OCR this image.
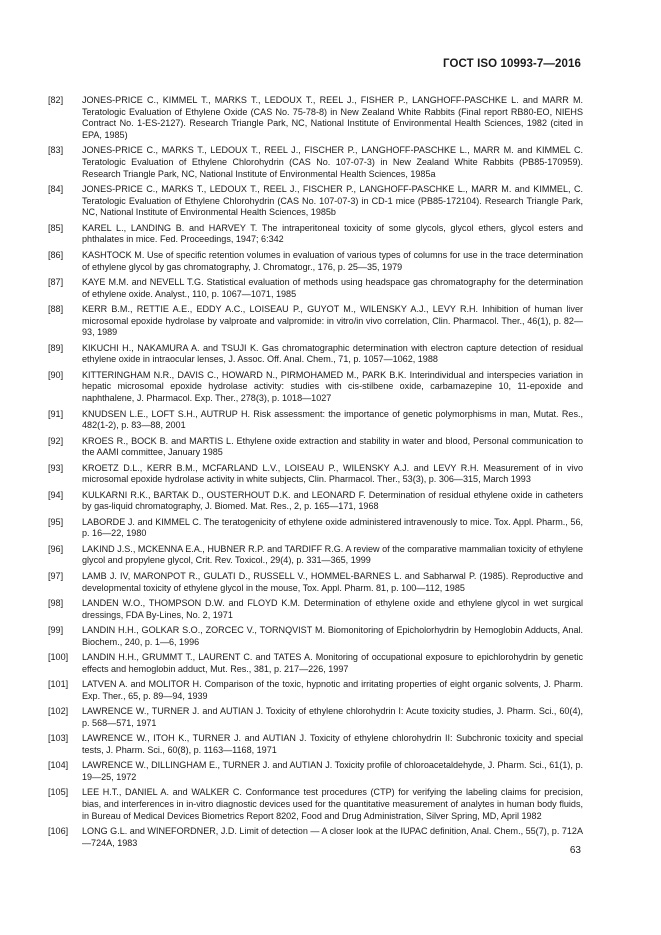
ГОСТ ISO 10993-7—2016
[82]	JONES-PRICE C., KIMMEL T., MARKS T., LEDOUX T., REEL J., FISHER P., LANGHOFF-PASCHKE L. and MARR M. Teratologic Evaluation of Ethylene Oxide (CAS No. 75-78-8) in New Zealand White Rabbits (Final report RB80-EO, NIEHS Contract No. 1-ES-2127). Research Triangle Park, NC, National Institute of Environmental Health Sciences, 1982 (cited in EPA, 1985)
[83]	JONES-PRICE C., MARKS T., LEDOUX T., REEL J., FISCHER P., LANGHOFF-PASCHKE L., MARR M. and KIMMEL C. Teratologic Evaluation of Ethylene Chlorohydrin (CAS No. 107-07-3) in New Zealand White Rabbits (PB85-170959). Research Triangle Park, NC, National Institute of Environmental Health Sciences, 1985a
[84]	JONES-PRICE C., MARKS T., LEDOUX T., REEL J., FISCHER P., LANGHOFF-PASCHKE L., MARR M. and KIMMEL, C. Teratologic Evaluation of Ethylene Chlorohydrin (CAS No. 107-07-3) in CD-1 mice (PB85-172104). Research Triangle Park, NC, National Institute of Environmental Health Sciences, 1985b
[85]	KAREL L., LANDING B. and HARVEY T. The intraperitoneal toxicity of some glycols, glycol ethers, glycol esters and phthalates in mice. Fed. Proceedings, 1947; 6:342
[86]	KASHTOCK M. Use of specific retention volumes in evaluation of various types of columns for use in the trace determination of ethylene glycol by gas chromatography, J. Chromatogr., 176, p. 25—35, 1979
[87]	KAYE M.M. and NEVELL T.G. Statistical evaluation of methods using headspace gas chromatography for the determination of ethylene oxide. Analyst., 110, p. 1067—1071, 1985
[88]	KERR B.M., RETTIE A.E., EDDY A.C., LOISEAU P., GUYOT M., WILENSKY A.J., LEVY R.H. Inhibition of human liver microsomal epoxide hydrolase by valproate and valpromide: in vitro/in vivo correlation, Clin. Pharmacol. Ther., 46(1), p. 82—93, 1989
[89]	KIKUCHI H., NAKAMURA A. and TSUJI K. Gas chromatographic determination with electron capture detection of residual ethylene oxide in intraocular lenses, J. Assoc. Off. Anal. Chem., 71, p. 1057—1062, 1988
[90]	KITTERINGHAM N.R., DAVIS C., HOWARD N., PIRMOHAMED M., PARK B.K. Interindividual and interspecies variation in hepatic microsomal epoxide hydrolase activity: studies with cis-stilbene oxide, carbamazepine 10, 11-epoxide and naphthalene, J. Pharmacol. Exp. Ther., 278(3), p. 1018—1027
[91]	KNUDSEN L.E., LOFT S.H., AUTRUP H. Risk assessment: the importance of genetic polymorphisms in man, Mutat. Res., 482(1-2), p. 83—88, 2001
[92]	KROES R., BOCK B. and MARTIS L. Ethylene oxide extraction and stability in water and blood, Personal communication to the AAMI committee, January 1985
[93]	KROETZ D.L., KERR B.M., MCFARLAND L.V., LOISEAU P., WILENSKY A.J. and LEVY R.H. Measurement of in vivo microsomal epoxide hydrolase activity in white subjects, Clin. Pharmacol. Ther., 53(3), p. 306—315, March 1993
[94]	KULKARNI R.K., BARTAK D., OUSTERHOUT D.K. and LEONARD F. Determination of residual ethylene oxide in catheters by gas-liquid chromatography, J. Biomed. Mat. Res., 2, p. 165—171, 1968
[95]	LABORDE J. and KIMMEL C. The teratogenicity of ethylene oxide administered intravenously to mice. Tox. Appl. Pharm., 56, p. 16—22, 1980
[96]	LAKIND J.S., MCKENNA E.A., HUBNER R.P. and TARDIFF R.G. A review of the comparative mammalian toxicity of ethylene glycol and propylene glycol, Crit. Rev. Toxicol., 29(4), p. 331—365, 1999
[97]	LAMB J. IV, MARONPOT R., GULATI D., RUSSELL V., HOMMEL-BARNES L. and Sabharwal P. (1985). Reproductive and developmental toxicity of ethylene glycol in the mouse, Tox. Appl. Pharm. 81, p. 100—112, 1985
[98]	LANDEN W.O., THOMPSON D.W. and FLOYD K.M. Determination of ethylene oxide and ethylene glycol in wet surgical dressings, FDA By-Lines, No. 2, 1971
[99]	LANDIN H.H., GOLKAR S.O., ZORCEC V., TORNQVIST M. Biomonitoring of Epicholorhydrin by Hemoglobin Adducts, Anal. Biochem., 240, p. 1—6, 1996
[100]	LANDIN H.H., GRUMMT T., LAURENT C. and TATES A. Monitoring of occupational exposure to epichlorohydrin by genetic effects and hemoglobin adduct, Mut. Res., 381, p. 217—226, 1997
[101]	LATVEN A. and MOLITOR H. Comparison of the toxic, hypnotic and irritating properties of eight organic solvents, J. Pharm. Exp. Ther., 65, p. 89—94, 1939
[102]	LAWRENCE W., TURNER J. and AUTIAN J. Toxicity of ethylene chlorohydrin I: Acute toxicity studies, J. Pharm. Sci., 60(4), p. 568—571, 1971
[103]	LAWRENCE W., ITOH K., TURNER J. and AUTIAN J. Toxicity of ethylene chlorohydrin II: Subchronic toxicity and special tests, J. Pharm. Sci., 60(8), p. 1163—1168, 1971
[104]	LAWRENCE W., DILLINGHAM E., TURNER J. and AUTIAN J. Toxicity profile of chloroacetaldehyde, J. Pharm. Sci., 61(1), p. 19—25, 1972
[105]	LEE H.T., DANIEL A. and WALKER C. Conformance test procedures (CTP) for verifying the labeling claims for precision, bias, and interferences in in-vitro diagnostic devices used for the quantitative measurement of analytes in human body fluids, in Bureau of Medical Devices Biometrics Report 8202, Food and Drug Administration, Silver Spring, MD, April 1982
[106]	LONG G.L. and WINEFORDNER, J.D. Limit of detection — A closer look at the IUPAC definition, Anal. Chem., 55(7), p. 712A—724A, 1983
63
